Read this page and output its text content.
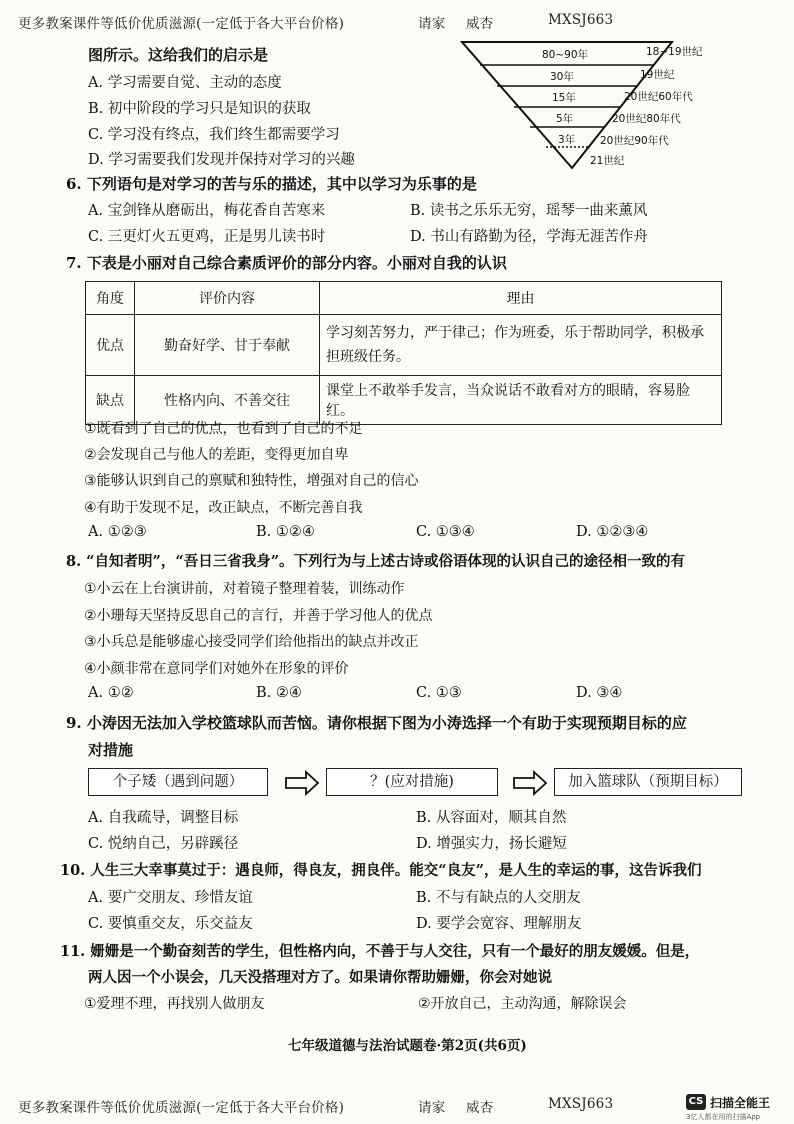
更多教案课件等低价优质滋源(一定低于各大平台价格)	请家 威杏	MXSJ663
图所示。这给我们的启示是
A. 学习需要自觉、主动的态度
B. 初中阶段的学习只是知识的获取
C. 学习没有终点，我们终生都需要学习
D. 学习需要我们发现并保持对学习的兴趣
80~90年
30年
15年
5年
3年
18~19世纪
19世纪
20世纪60年代
20世纪80年代
20世纪90年代
21世纪
6. 下列语句是对学习的苦与乐的描述，其中以学习为乐事的是
A. 宝剑锋从磨砺出，梅花香自苦寒来	B. 读书之乐乐无穷，瑶琴一曲来薰风
C. 三更灯火五更鸡，正是男儿读书时	D. 书山有路勤为径，学海无涯苦作舟
7. 下表是小丽对自己综合素质评价的部分内容。小丽对自我的认识
角度	评价内容	理由
优点	勤奋好学、甘于奉献	学习刻苦努力，严于律己；作为班委，乐于帮助同学，积极承担班级任务。
缺点	性格内向、不善交往	课堂上不敢举手发言，当众说话不敢看对方的眼睛，容易脸红。
①既看到了自己的优点，也看到了自己的不足
②会发现自己与他人的差距，变得更加自卑
③能够认识到自己的禀赋和独特性，增强对自己的信心
④有助于发现不足，改正缺点，不断完善自我
A. ①②③	B. ①②④	C. ①③④	D. ①②③④
8. “自知者明”，“吾日三省我身”。下列行为与上述古诗或俗语体现的认识自己的途径相一致的有
①小云在上台演讲前，对着镜子整理着装，训练动作
②小珊每天坚持反思自己的言行，并善于学习他人的优点
③小兵总是能够虚心接受同学们给他指出的缺点并改正
④小颜非常在意同学们对她外在形象的评价
A. ①②	B. ②④	C. ①③	D. ③④
9. 小涛因无法加入学校篮球队而苦恼。请你根据下图为小涛选择一个有助于实现预期目标的应
对措施
个子矮（遇到问题）	？(应对措施)	加入篮球队（预期目标）
A. 自我疏导，调整目标	B. 从容面对，顺其自然
C. 悦纳自己，另辟蹊径	D. 增强实力，扬长避短
10. 人生三大幸事莫过于：遇良师，得良友，拥良伴。能交“良友”，是人生的幸运的事，这告诉我们
A. 要广交朋友、珍惜友谊	B. 不与有缺点的人交朋友
C. 要慎重交友，乐交益友	D. 要学会宽容、理解朋友
11. 姗姗是一个勤奋刻苦的学生，但性格内向，不善于与人交往，只有一个最好的朋友媛媛。但是，
两人因一个小误会，几天没搭理对方了。如果请你帮助姗姗，你会对她说
①爱理不理，再找别人做朋友	②开放自己，主动沟通，解除误会
七年级道德与法治试题卷·第2页(共6页)
更多教案课件等低价优质滋源(一定低于各大平台价格)	请家 威杏	MXSJ663	CS 扫描全能王
3亿人都在用的扫描App
